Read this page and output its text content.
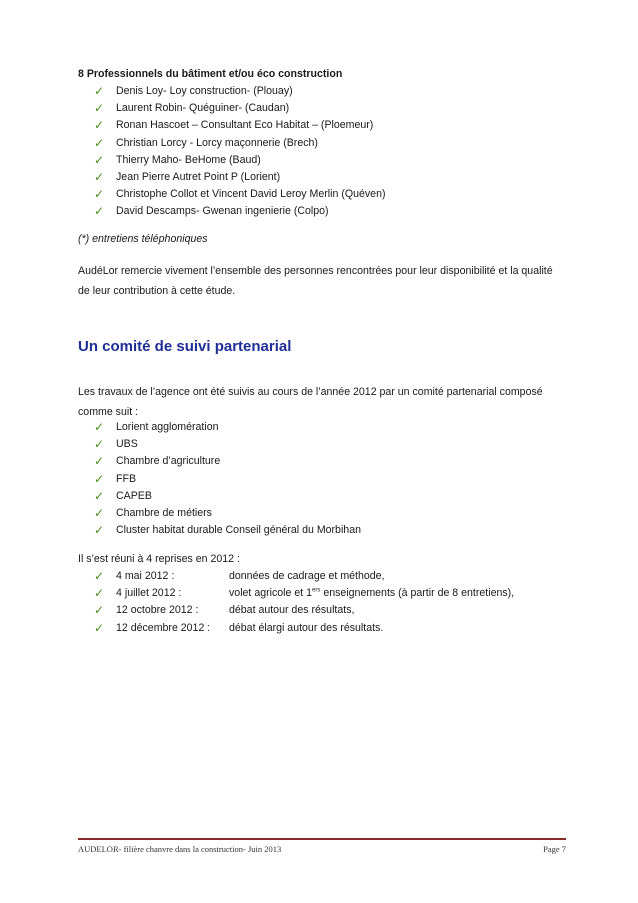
8 Professionnels du bâtiment et/ou éco construction
✓ Denis Loy- Loy construction- (Plouay)
✓ Laurent Robin- Quéguiner- (Caudan)
✓ Ronan Hascoet – Consultant Eco Habitat – (Ploemeur)
✓ Christian Lorcy - Lorcy maçonnerie (Brech)
✓ Thierry Maho- BeHome (Baud)
✓ Jean Pierre Autret Point P (Lorient)
✓ Christophe Collot et Vincent David Leroy Merlin (Quéven)
✓ David Descamps- Gwenan ingenierie (Colpo)
(*) entretiens téléphoniques
AudéLor remercie vivement l’ensemble des personnes rencontrées pour leur disponibilité et la qualité de leur contribution à cette étude.
Un comité de suivi partenarial
Les travaux de l’agence ont été suivis au cours de l’année 2012 par un comité partenarial composé comme suit :
✓ Lorient agglomération
✓ UBS
✓ Chambre d’agriculture
✓ FFB
✓ CAPEB
✓ Chambre de métiers
✓ Cluster habitat durable Conseil général du Morbihan
Il s’est réuni à 4 reprises en 2012 :
✓ 4 mai 2012 :	données de cadrage et méthode,
✓ 4 juillet 2012 :	volet agricole et 1ers enseignements (à partir de 8 entretiens),
✓ 12 octobre 2012 :	débat autour des résultats,
✓ 12 décembre 2012 : débat élargi autour des résultats.
AUDELOR- filière chanvre dans la construction- Juin 2013	Page 7
